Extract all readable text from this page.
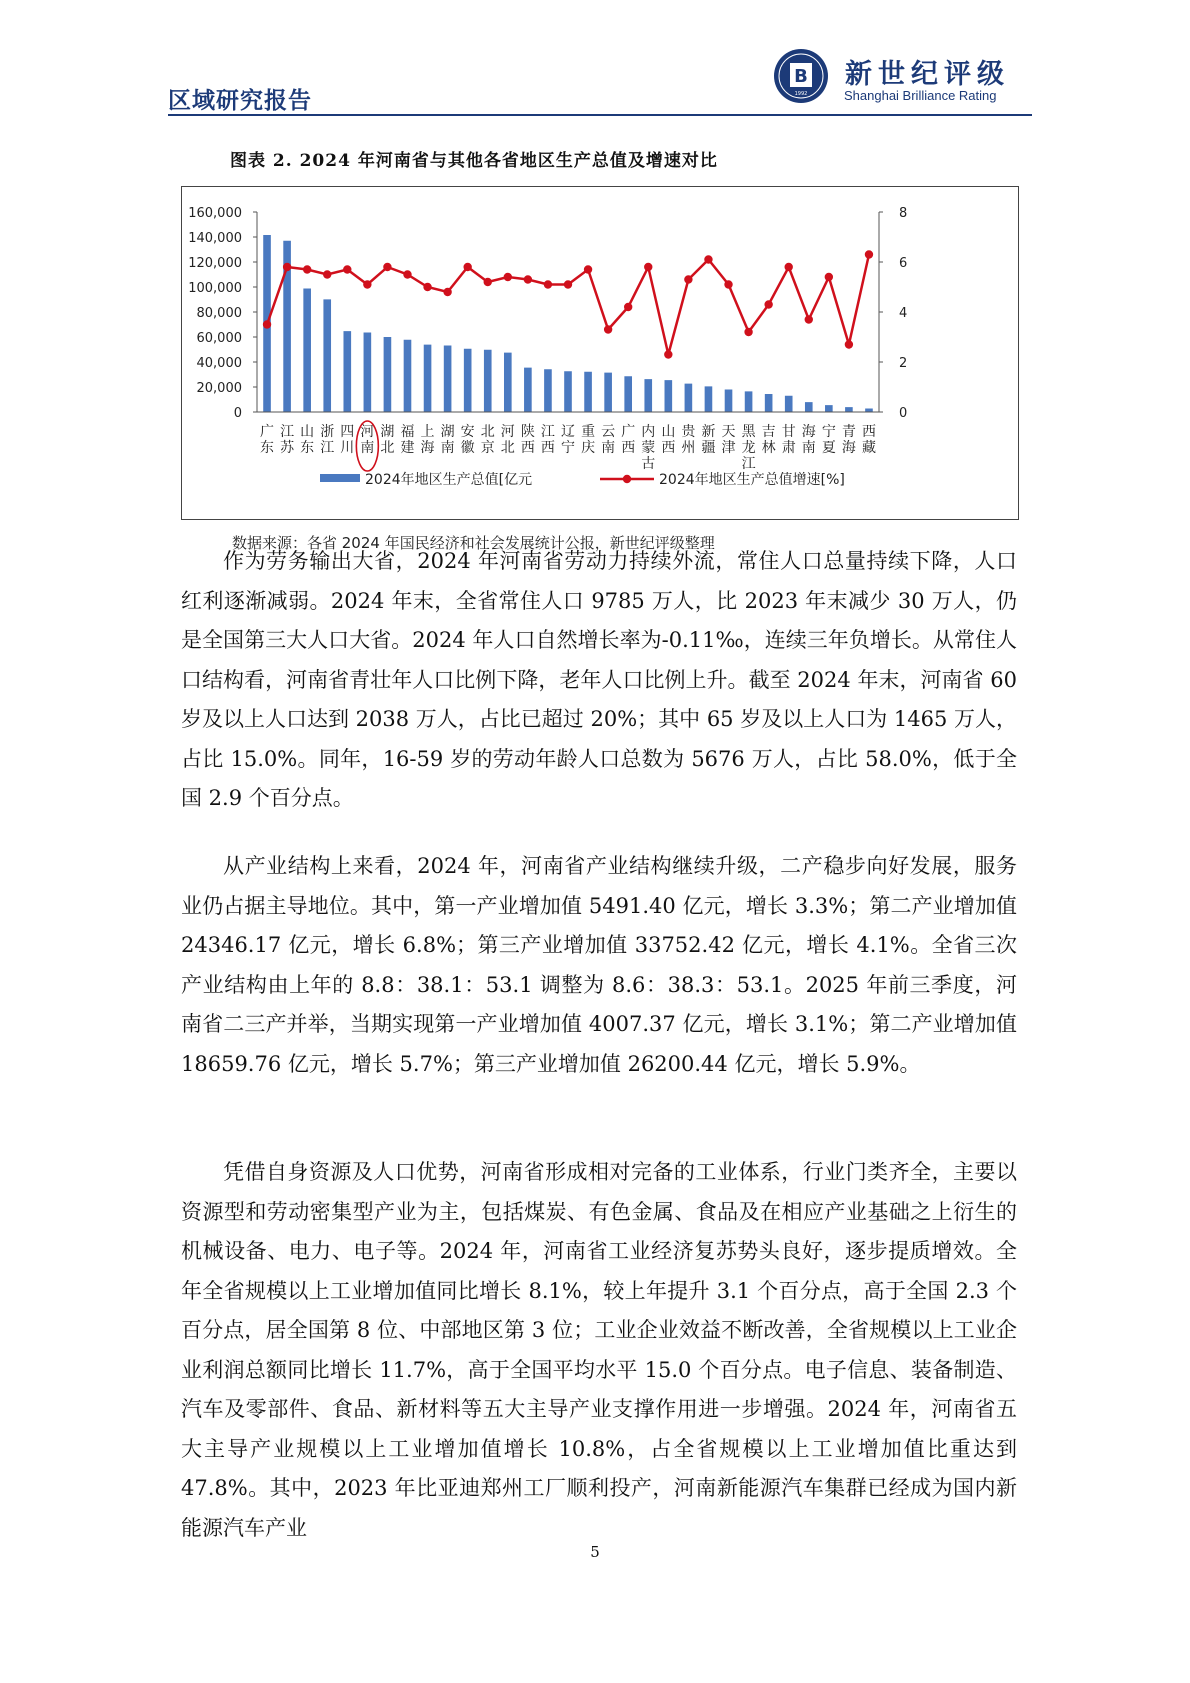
区域研究报告
B
1992
新世纪评级
Shanghai Brilliance Rating
图表 2. 2024 年河南省与其他各省地区生产总值及增速对比
0
20,000
40,000
60,000
80,000
100,000
120,000
140,000
160,000
0
2
4
6
8
广东
江苏
山东
浙江
四川
河南
湖北
福建
上海
湖南
安徽
北京
河北
陕西
江西
辽宁
重庆
云南
广西
内蒙古
山西
贵州
新疆
天津
黑龙江
吉林
甘肃
海南
宁夏
青海
西藏
2024年地区生产总值[亿元	2024年地区生产总值增速[%]
数据来源：各省 2024 年国民经济和社会发展统计公报，新世纪评级整理

作为劳务输出大省，2024 年河南省劳动力持续外流，常住人口总量持续下降，人口红利逐渐减弱。2024 年末，全省常住人口 9785 万人，比 2023 年末减少 30 万人，仍是全国第三大人口大省。2024 年人口自然增长率为-0.11‰，连续三年负增长。从常住人口结构看，河南省青壮年人口比例下降，老年人口比例上升。截至 2024 年末，河南省 60 岁及以上人口达到 2038 万人，占比已超过 20%；其中 65 岁及以上人口为 1465 万人，占比 15.0%。同年，16-59 岁的劳动年龄人口总数为 5676 万人，占比 58.0%，低于全国 2.9 个百分点。

从产业结构上来看，2024 年，河南省产业结构继续升级，二产稳步向好发展，服务业仍占据主导地位。其中，第一产业增加值 5491.40 亿元，增长 3.3%；第二产业增加值 24346.17 亿元，增长 6.8%；第三产业增加值 33752.42 亿元，增长 4.1%。全省三次产业结构由上年的 8.8：38.1：53.1 调整为 8.6：38.3：53.1。2025 年前三季度，河南省二三产并举，当期实现第一产业增加值 4007.37 亿元，增长 3.1%；第二产业增加值 18659.76 亿元，增长 5.7%；第三产业增加值 26200.44 亿元，增长 5.9%。

凭借自身资源及人口优势，河南省形成相对完备的工业体系，行业门类齐全，主要以资源型和劳动密集型产业为主，包括煤炭、有色金属、食品及在相应产业基础之上衍生的机械设备、电力、电子等。2024 年，河南省工业经济复苏势头良好，逐步提质增效。全年全省规模以上工业增加值同比增长 8.1%，较上年提升 3.1 个百分点，高于全国 2.3 个百分点，居全国第 8 位、中部地区第 3 位；工业企业效益不断改善，全省规模以上工业企业利润总额同比增长 11.7%，高于全国平均水平 15.0 个百分点。电子信息、装备制造、汽车及零部件、食品、新材料等五大主导产业支撑作用进一步增强。2024 年，河南省五大主导产业规模以上工业增加值增长 10.8%，占全省规模以上工业增加值比重达到 47.8%。其中，2023 年比亚迪郑州工厂顺利投产，河南新能源汽车集群已经成为国内新能源汽车产业

5
